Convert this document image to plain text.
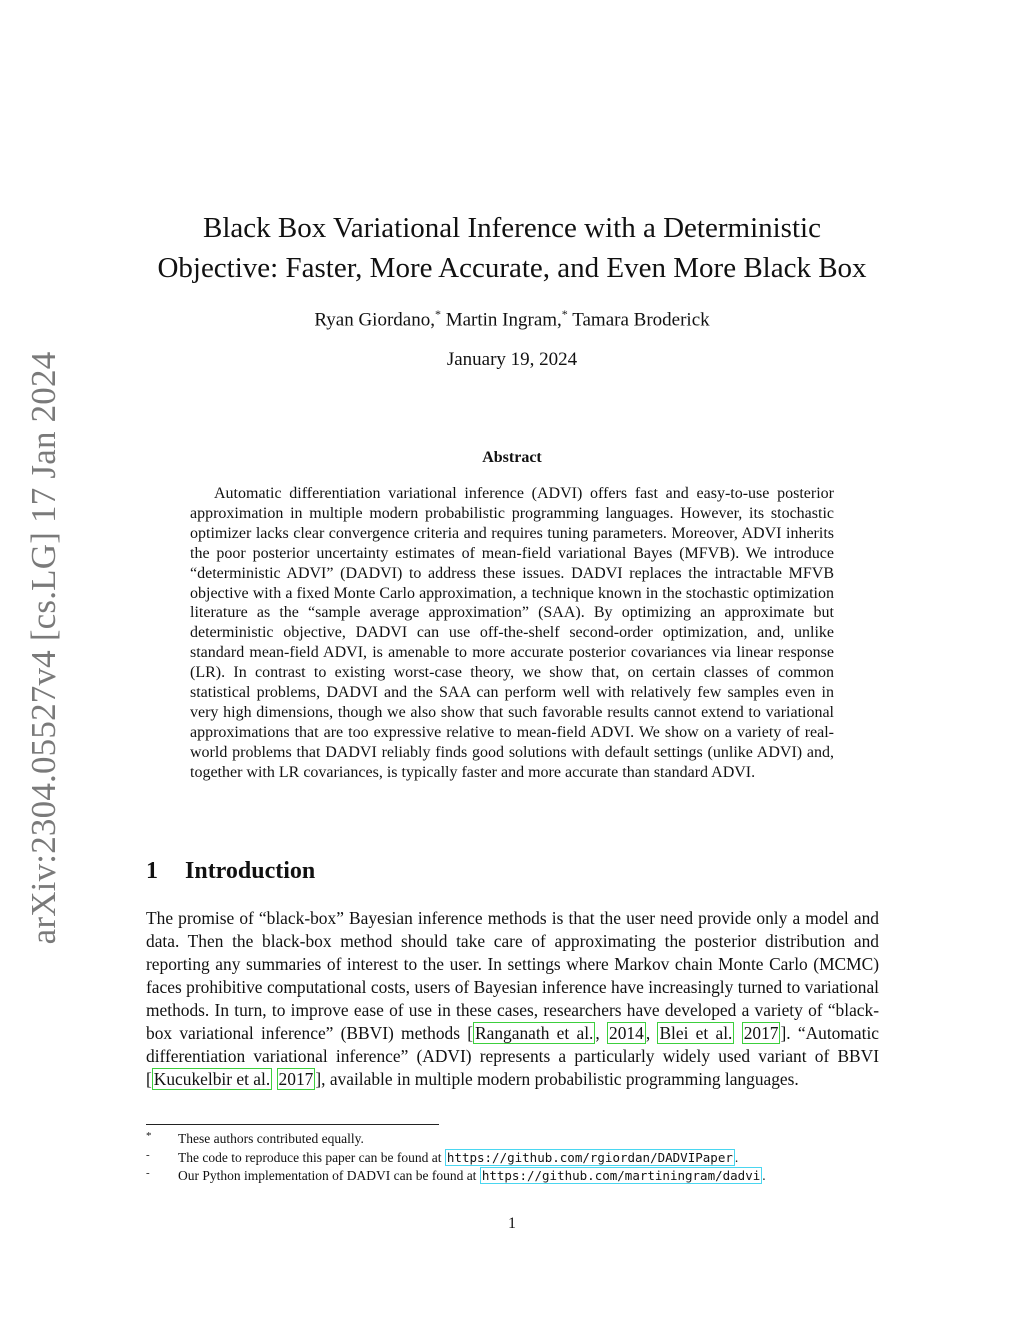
arXiv:2304.05527v4 [cs.LG] 17 Jan 2024
Black Box Variational Inference with a Deterministic
Objective: Faster, More Accurate, and Even More Black Box
Ryan Giordano,* Martin Ingram,* Tamara Broderick
January 19, 2024
Abstract

Automatic differentiation variational inference (ADVI) offers fast and easy-to-use posterior approximation in multiple modern probabilistic programming languages. However, its stochastic optimizer lacks clear convergence criteria and requires tuning parameters. Moreover, ADVI inherits the poor posterior uncertainty estimates of mean-field variational Bayes (MFVB). We introduce “deterministic ADVI” (DADVI) to address these issues. DADVI replaces the intractable MFVB objective with a fixed Monte Carlo approximation, a technique known in the stochastic optimization literature as the “sample average approximation” (SAA). By optimizing an approximate but deterministic objective, DADVI can use off-the-shelf second-order optimization, and, unlike standard mean-field ADVI, is amenable to more accurate posterior covariances via linear response (LR). In contrast to existing worst-case theory, we show that, on certain classes of common statistical problems, DADVI and the SAA can perform well with relatively few samples even in very high dimensions, though we also show that such favorable results cannot extend to variational approximations that are too expressive relative to mean-field ADVI. We show on a variety of real-world problems that DADVI reliably finds good solutions with default settings (unlike ADVI) and, together with LR covariances, is typically faster and more accurate than standard ADVI.

1 Introduction

The promise of “black-box” Bayesian inference methods is that the user need provide only a model and data. Then the black-box method should take care of approximating the posterior distribution and reporting any summaries of interest to the user. In settings where Markov chain Monte Carlo (MCMC) faces prohibitive computational costs, users of Bayesian inference have increasingly turned to variational methods. In turn, to improve ease of use in these cases, researchers have developed a variety of “black-box variational inference” (BBVI) methods [ Ranganath et al. , 2014 , Blei et al. 2017 ]. “Automatic differentiation variational inference” (ADVI) represents a particularly widely used variant of BBVI [ Kucukelbir et al. 2017 ], available in multiple modern probabilistic programming languages.

* These authors contributed equally.
- The code to reproduce this paper can be found at https://github.com/rgiordan/DADVIPaper .
- Our Python implementation of DADVI can be found at https://github.com/martiningram/dadvi .
1
